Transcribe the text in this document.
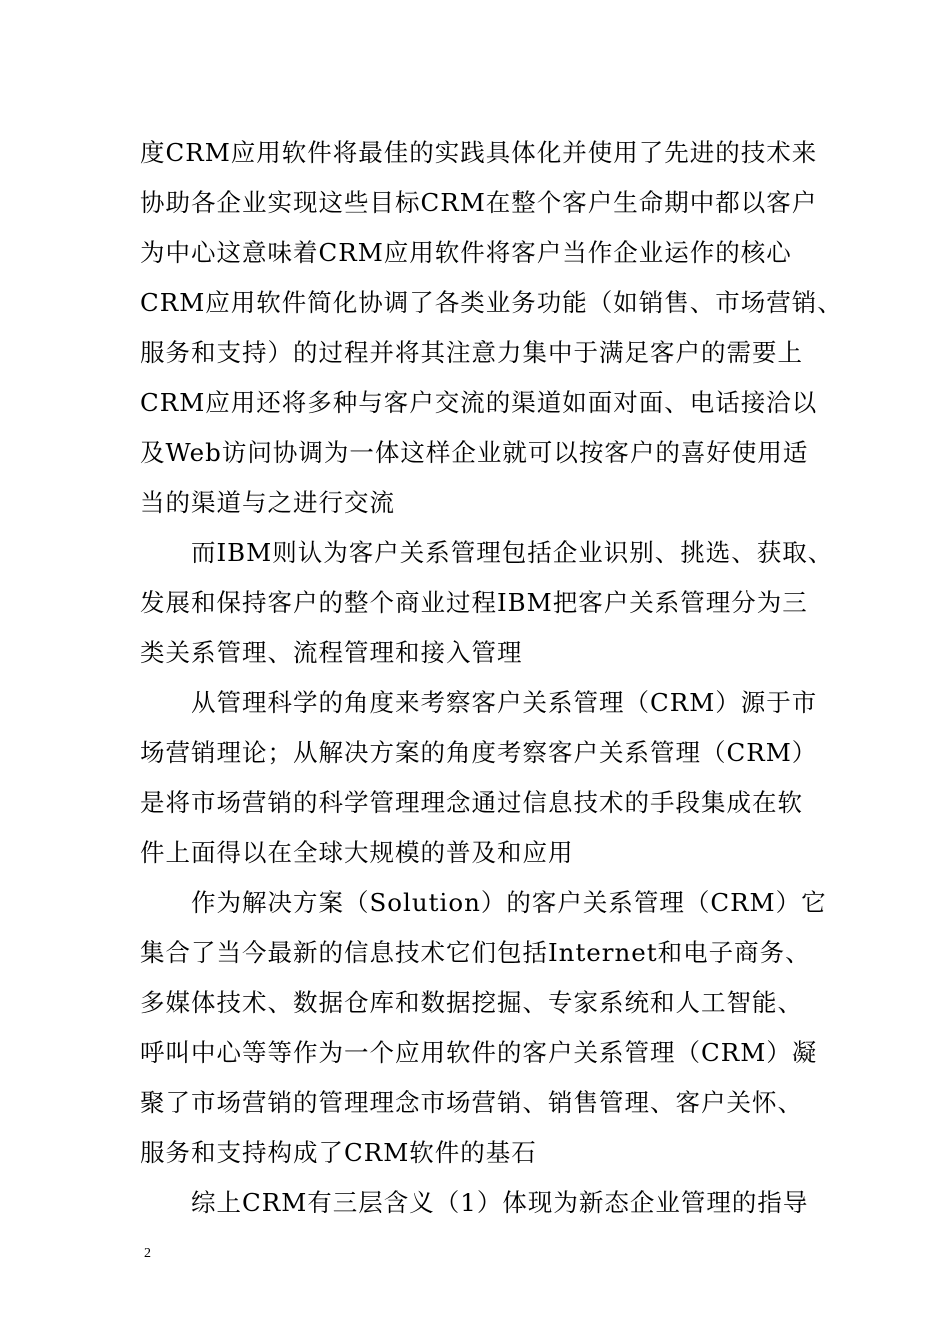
度CRM应用软件将最佳的实践具体化并使用了先进的技术来
协助各企业实现这些目标CRM在整个客户生命期中都以客户
为中心这意味着CRM应用软件将客户当作企业运作的核心
CRM应用软件简化协调了各类业务功能（如销售、市场营销、
服务和支持）的过程并将其注意力集中于满足客户的需要上
CRM应用还将多种与客户交流的渠道如面对面、电话接洽以
及Web访问协调为一体这样企业就可以按客户的喜好使用适
当的渠道与之进行交流
　　而IBM则认为客户关系管理包括企业识别、挑选、获取、
发展和保持客户的整个商业过程IBM把客户关系管理分为三
类关系管理、流程管理和接入管理
　　从管理科学的角度来考察客户关系管理（CRM）源于市
场营销理论；从解决方案的角度考察客户关系管理（CRM）
是将市场营销的科学管理理念通过信息技术的手段集成在软
件上面得以在全球大规模的普及和应用
　　作为解决方案（Solution）的客户关系管理（CRM）它
集合了当今最新的信息技术它们包括Internet和电子商务、
多媒体技术、数据仓库和数据挖掘、专家系统和人工智能、
呼叫中心等等作为一个应用软件的客户关系管理（CRM）凝
聚了市场营销的管理理念市场营销、销售管理、客户关怀、
服务和支持构成了CRM软件的基石
　　综上CRM有三层含义（1）体现为新态企业管理的指导
2
